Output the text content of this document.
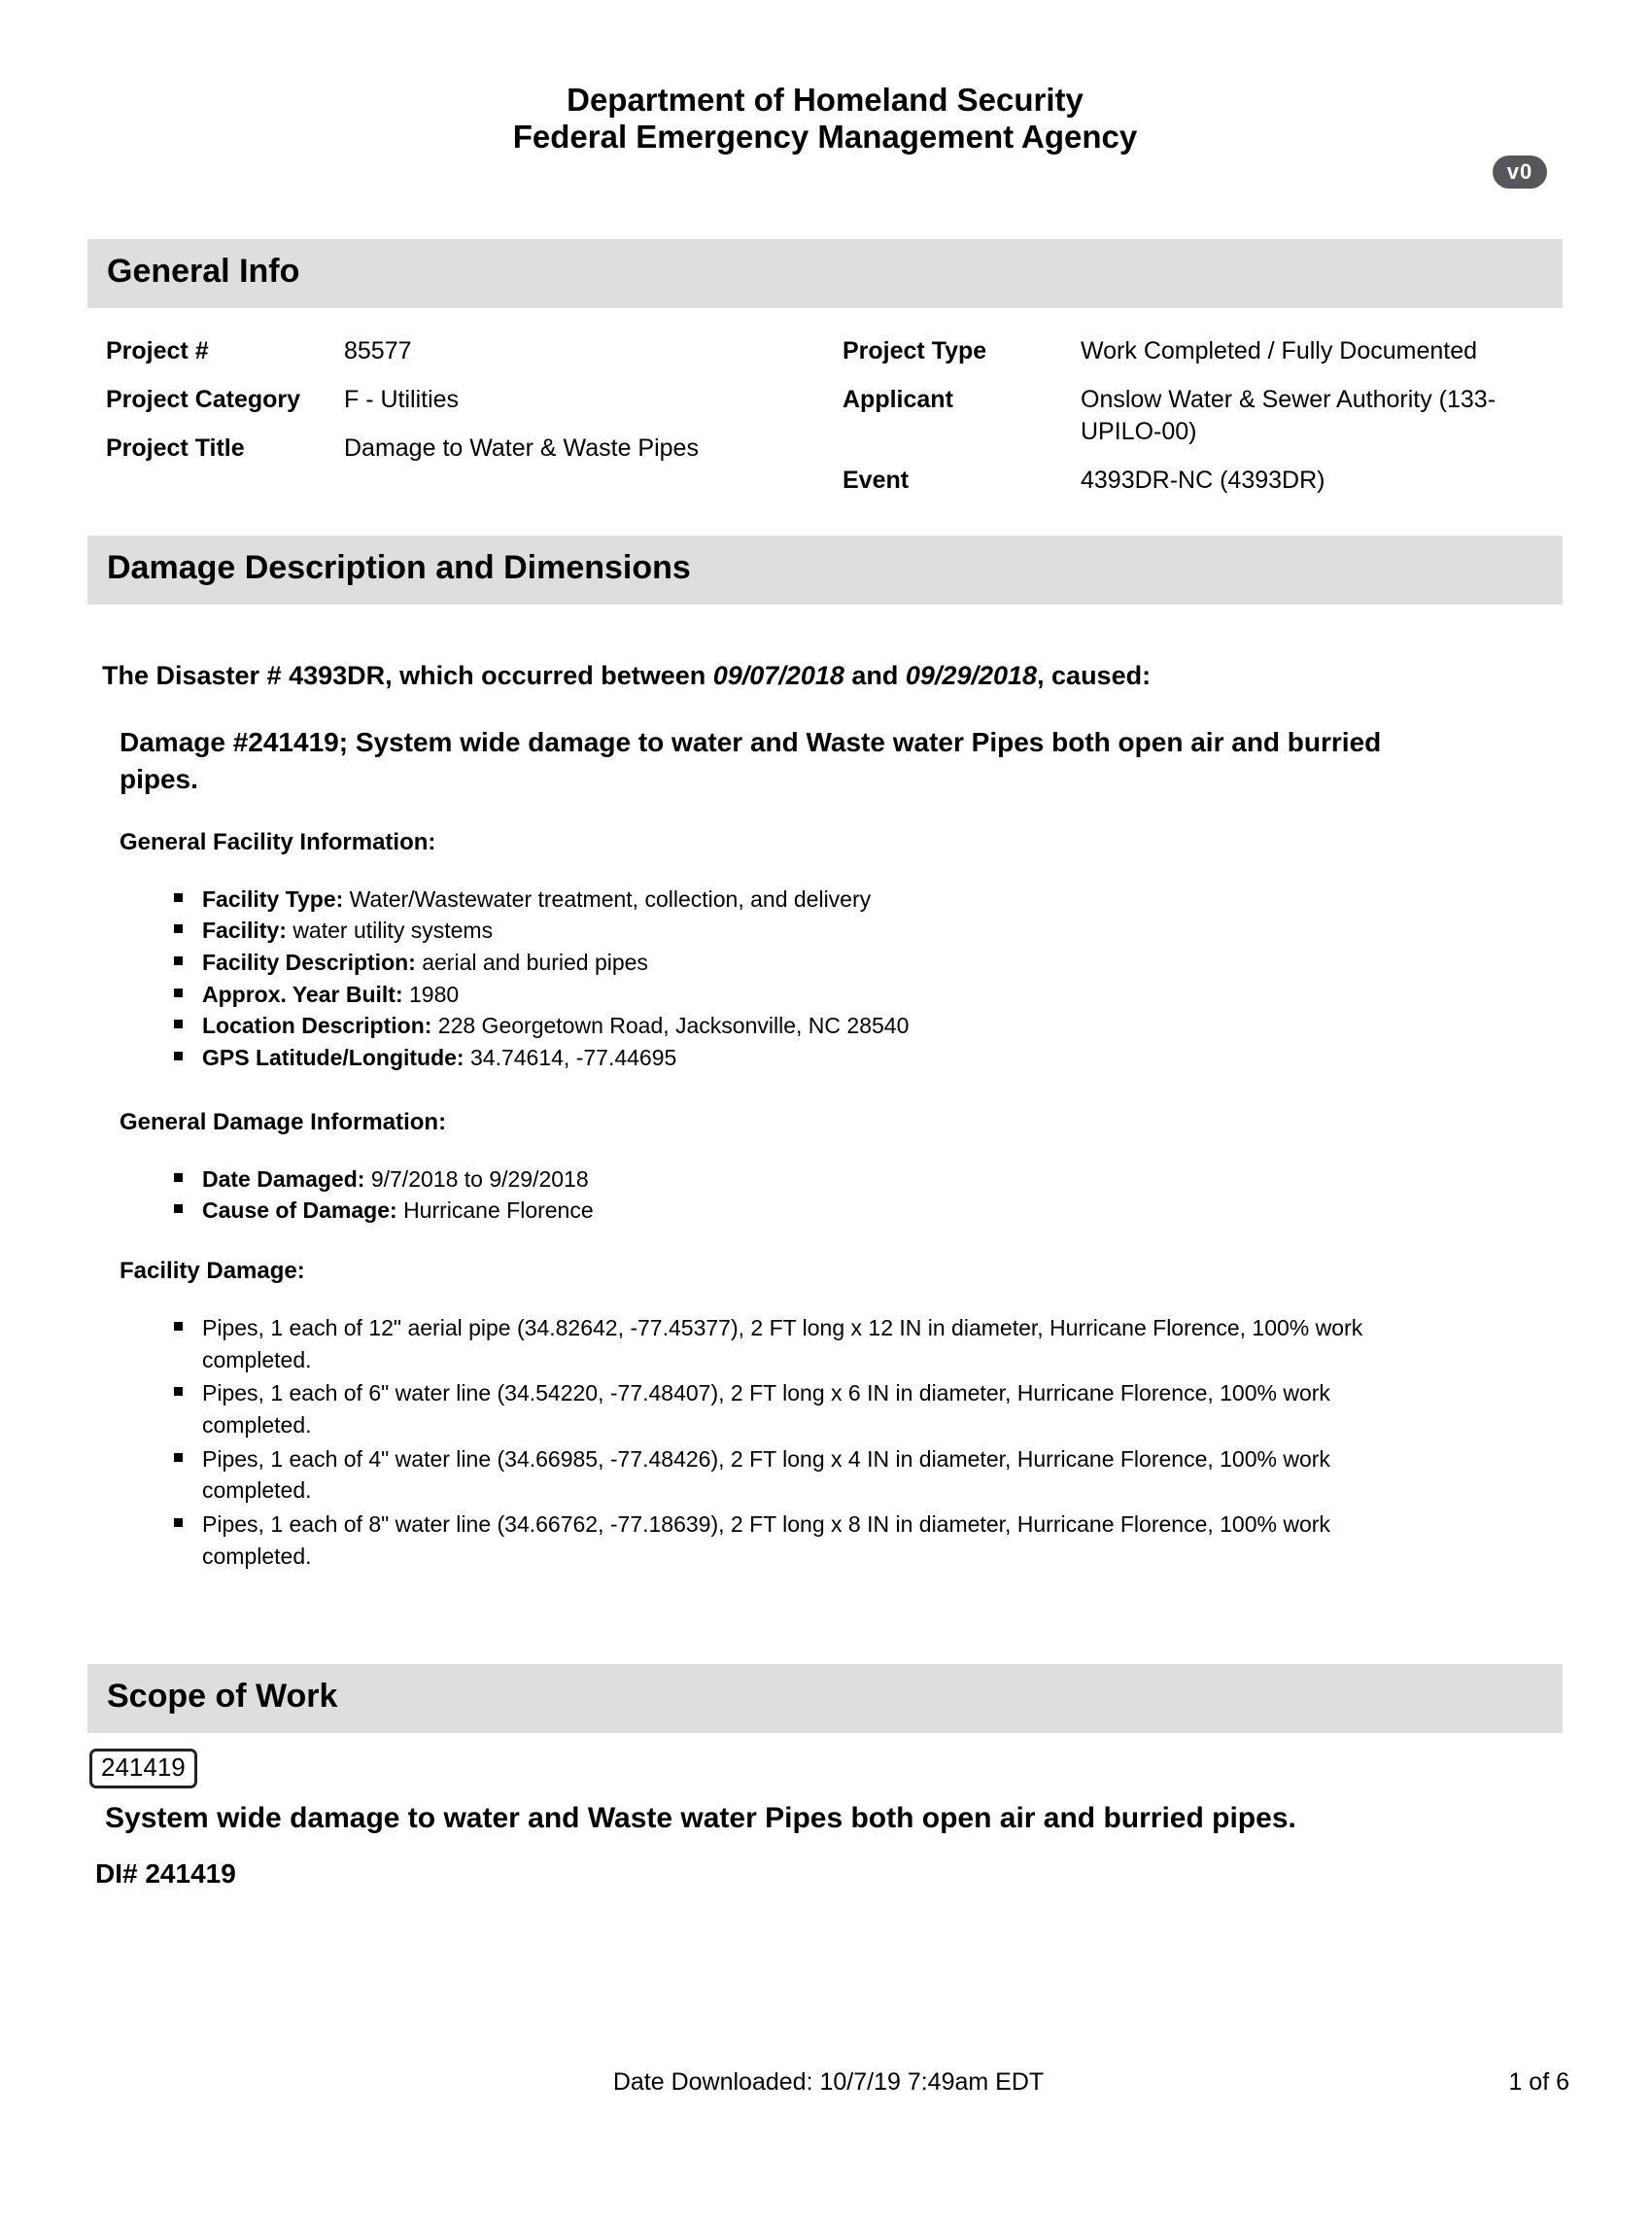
v0
Department of Homeland Security
Federal Emergency Management Agency
General Info
Project #	85577
Project Category	F - Utilities
Project Title	Damage to Water & Waste Pipes
Project Type	Work Completed / Fully Documented
Applicant	Onslow Water & Sewer Authority (133-UPILO-00)
Event	4393DR-NC (4393DR)
Damage Description and Dimensions

The Disaster # 4393DR, which occurred between 09/07/2018 and 09/29/2018, caused:

Damage #241419; System wide damage to water and Waste water Pipes both open air and burried pipes.
General Facility Information:
Facility Type: Water/Wastewater treatment, collection, and delivery
Facility: water utility systems
Facility Description: aerial and buried pipes
Approx. Year Built: 1980
Location Description: 228 Georgetown Road, Jacksonville, NC 28540
GPS Latitude/Longitude: 34.74614, -77.44695
General Damage Information:
Date Damaged: 9/7/2018 to 9/29/2018
Cause of Damage: Hurricane Florence
Facility Damage:
Pipes, 1 each of 12" aerial pipe (34.82642, -77.45377), 2 FT long x 12 IN in diameter, Hurricane Florence, 100% work completed.
Pipes, 1 each of 6" water line (34.54220, -77.48407), 2 FT long x 6 IN in diameter, Hurricane Florence, 100% work completed.
Pipes, 1 each of 4" water line (34.66985, -77.48426), 2 FT long x 4 IN in diameter, Hurricane Florence, 100% work completed.
Pipes, 1 each of 8" water line (34.66762, -77.18639), 2 FT long x 8 IN in diameter, Hurricane Florence, 100% work completed.
Scope of Work
241419
System wide damage to water and Waste water Pipes both open air and burried pipes.
DI# 241419
Date Downloaded: 10/7/19 7:49am EDT	1 of 6
